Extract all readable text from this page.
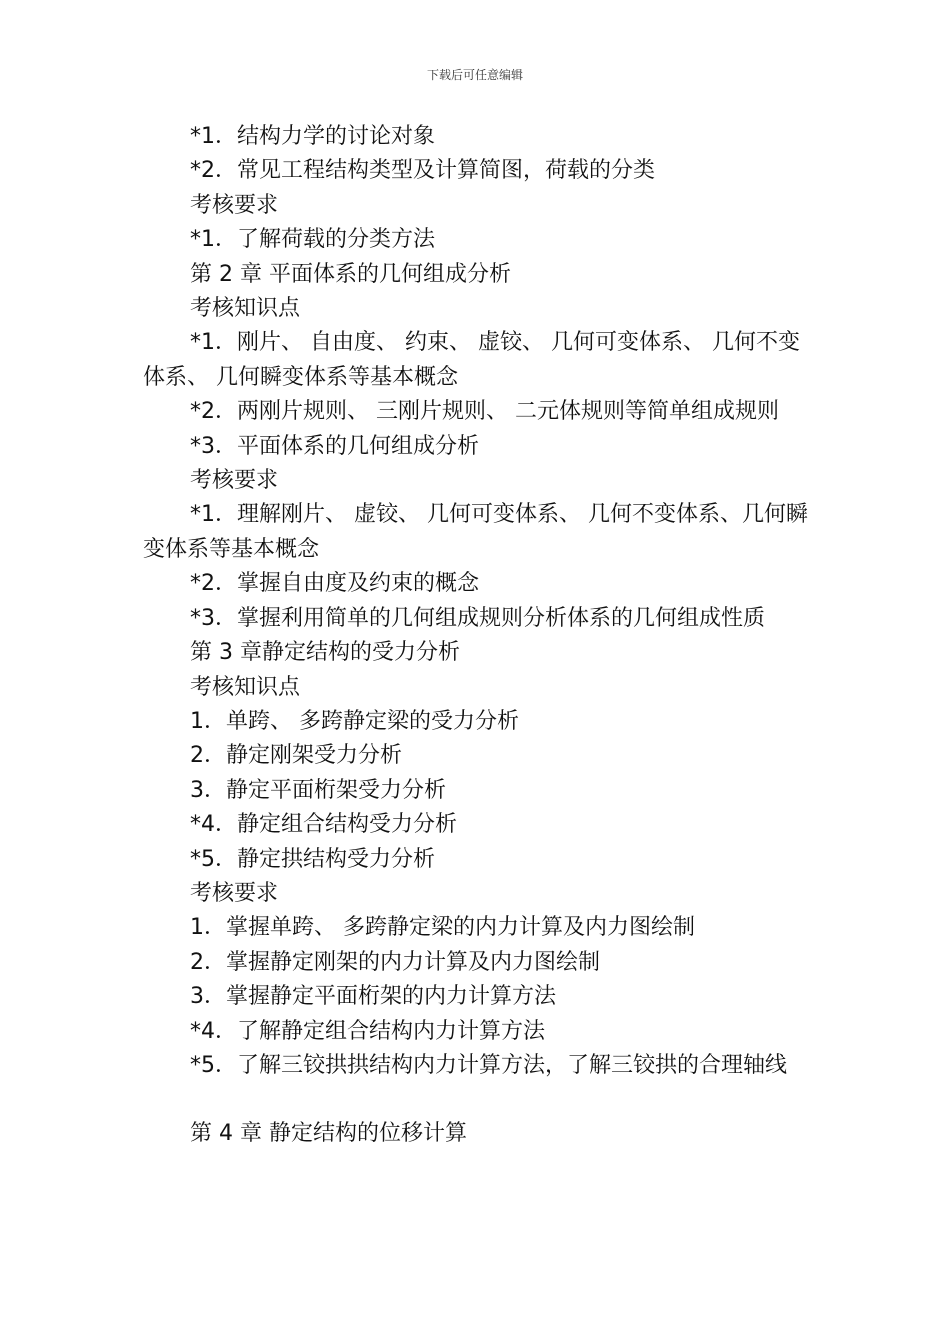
下载后可任意编辑

*1．结构力学的讨论对象

*2．常见工程结构类型及计算简图，荷载的分类

考核要求

*1．了解荷载的分类方法

第 2 章 平面体系的几何组成分析

考核知识点

*1．刚片、 自由度、 约束、 虚铰、 几何可变体系、 几何不变体系、 几何瞬变体系等基本概念

*2．两刚片规则、 三刚片规则、 二元体规则等简单组成规则

*3．平面体系的几何组成分析

考核要求

*1．理解刚片、 虚铰、 几何可变体系、 几何不变体系、几何瞬变体系等基本概念

*2．掌握自由度及约束的概念

*3．掌握利用简单的几何组成规则分析体系的几何组成性质

第 3 章静定结构的受力分析

考核知识点

1．单跨、 多跨静定梁的受力分析

2．静定刚架受力分析

3．静定平面桁架受力分析

*4．静定组合结构受力分析

*5．静定拱结构受力分析

考核要求

1．掌握单跨、 多跨静定梁的内力计算及内力图绘制

2．掌握静定刚架的内力计算及内力图绘制

3．掌握静定平面桁架的内力计算方法

*4．了解静定组合结构内力计算方法

*5．了解三铰拱拱结构内力计算方法，了解三铰拱的合理轴线

第 4 章 静定结构的位移计算
